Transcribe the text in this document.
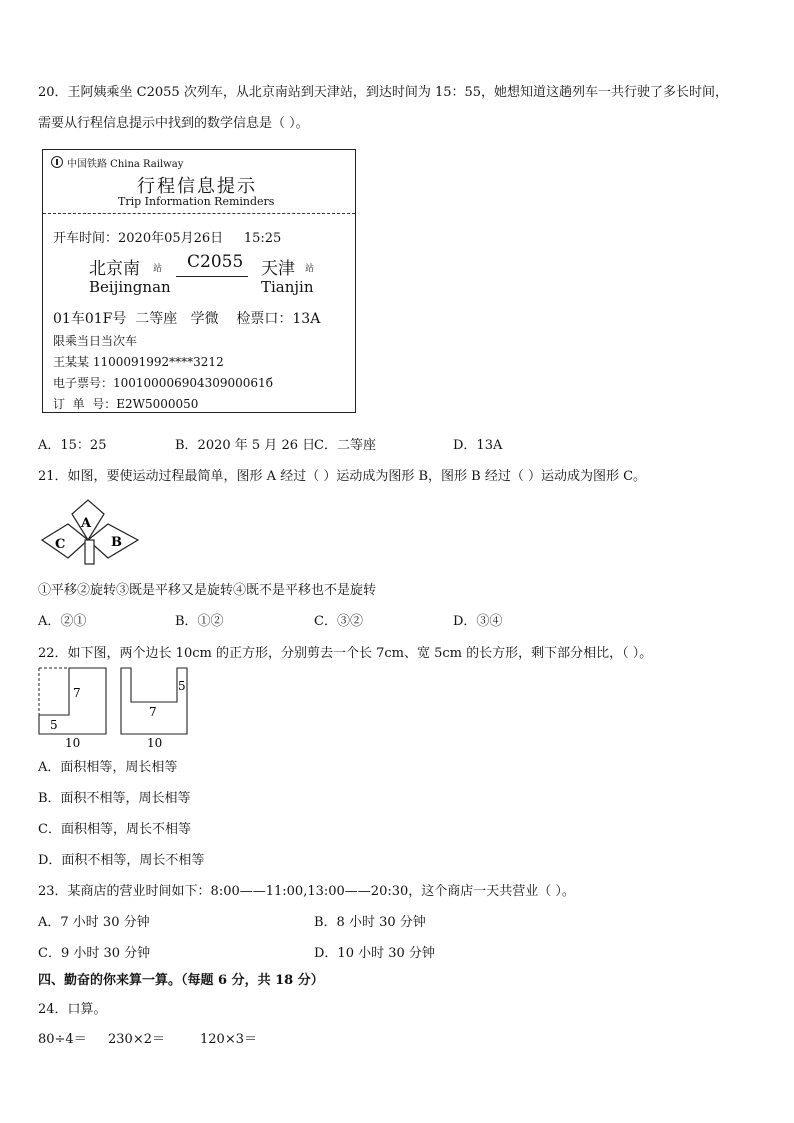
20．王阿姨乘坐 C2055 次列车，从北京南站到天津站，到达时间为 15：55，她想知道这趟列车一共行驶了多长时间，
需要从行程信息提示中找到的数学信息是（ ）。
中国铁路 China Railway
行程信息提示
Trip Information Reminders
开车时间：2020年05月26日     15:25
北京南 站 C2055 天津 站
Beijingnan	Tianjin
01车01F号  二等座   学微    检票口：13A
限乘当日当次车
王某某 1100091992****3212
电子票号：10010000690430900061б
订  单  号：E2W5000050
A．15：25	B．2020 年 5 月 26 日
C．二等座	D．13A
21．如图，要使运动过程最简单，图形 A 经过（ ）运动成为图形 B，图形 B 经过（ ）运动成为图形 C。
A
B
C
①平移②旋转③既是平移又是旋转④既不是平移也不是旋转
A．②①	B．①②	C．③②	D．③④
22．如下图，两个边长 10cm 的正方形，分别剪去一个长 7cm、宽 5cm 的长方形，剩下部分相比，（ ）。
7
5
10
5
7
10
A．面积相等，周长相等
B．面积不相等，周长相等
C．面积相等，周长不相等
D．面积不相等，周长不相等
23．某商店的营业时间如下：8:00——11:00,13:00——20:30，这个商店一天共营业（ ）。
A．7 小时 30 分钟	B．8 小时 30 分钟
C．9 小时 30 分钟	D．10 小时 30 分钟
四、勤奋的你来算一算。（每题 6 分，共 18 分）
24．口算。
80÷4＝ 230×2＝	120×3＝
